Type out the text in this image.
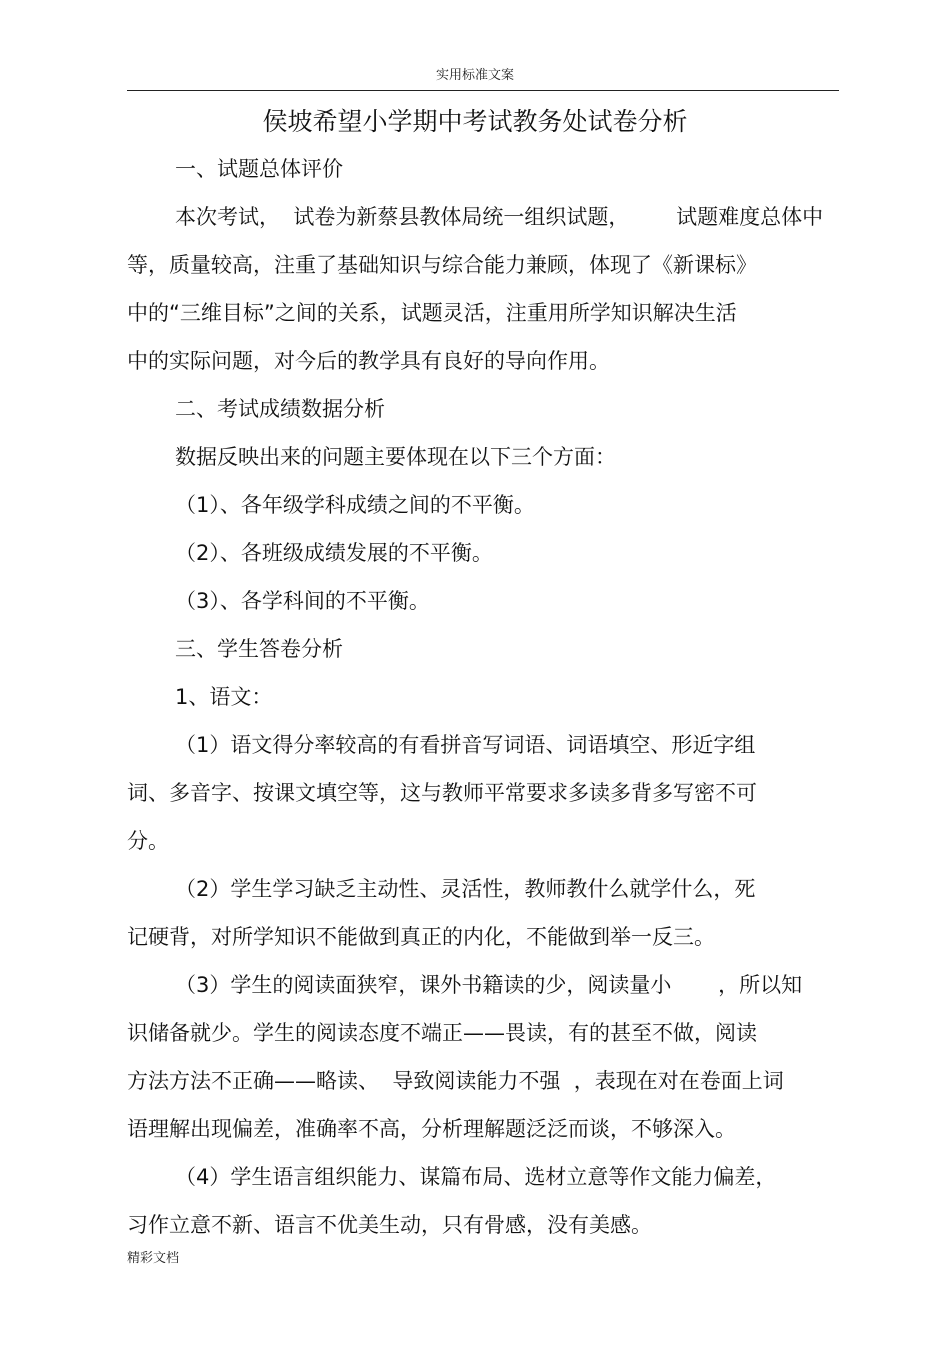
实用标准文案
侯坡希望小学期中考试教务处试卷分析
一、试题总体评价
本次考试，  试卷为新蔡县教体局统一组织试题，       试题难度总体中
等，质量较高，注重了基础知识与综合能力兼顾，体现了《新课标》
中的“三维目标”之间的关系，试题灵活，注重用所学知识解决生活
中的实际问题，对今后的教学具有良好的导向作用。
二、考试成绩数据分析
数据反映出来的问题主要体现在以下三个方面：
（1）、各年级学科成绩之间的不平衡。
（2）、各班级成绩发展的不平衡。
（3）、各学科间的不平衡。
三、学生答卷分析
1、语文：
（1）语文得分率较高的有看拼音写词语、词语填空、形近字组
词、多音字、按课文填空等，这与教师平常要求多读多背多写密不可
分。
（2）学生学习缺乏主动性、灵活性，教师教什么就学什么，死
记硬背，对所学知识不能做到真正的内化，不能做到举一反三。
（3）学生的阅读面狭窄，课外书籍读的少，阅读量小       ，所以知
识储备就少。学生的阅读态度不端正——畏读，有的甚至不做，阅读
方法方法不正确——略读、  导致阅读能力不强  ，表现在对在卷面上词
语理解出现偏差，准确率不高，分析理解题泛泛而谈，不够深入。
（4）学生语言组织能力、谋篇布局、选材立意等作文能力偏差，
习作立意不新、语言不优美生动，只有骨感，没有美感。
精彩文档
